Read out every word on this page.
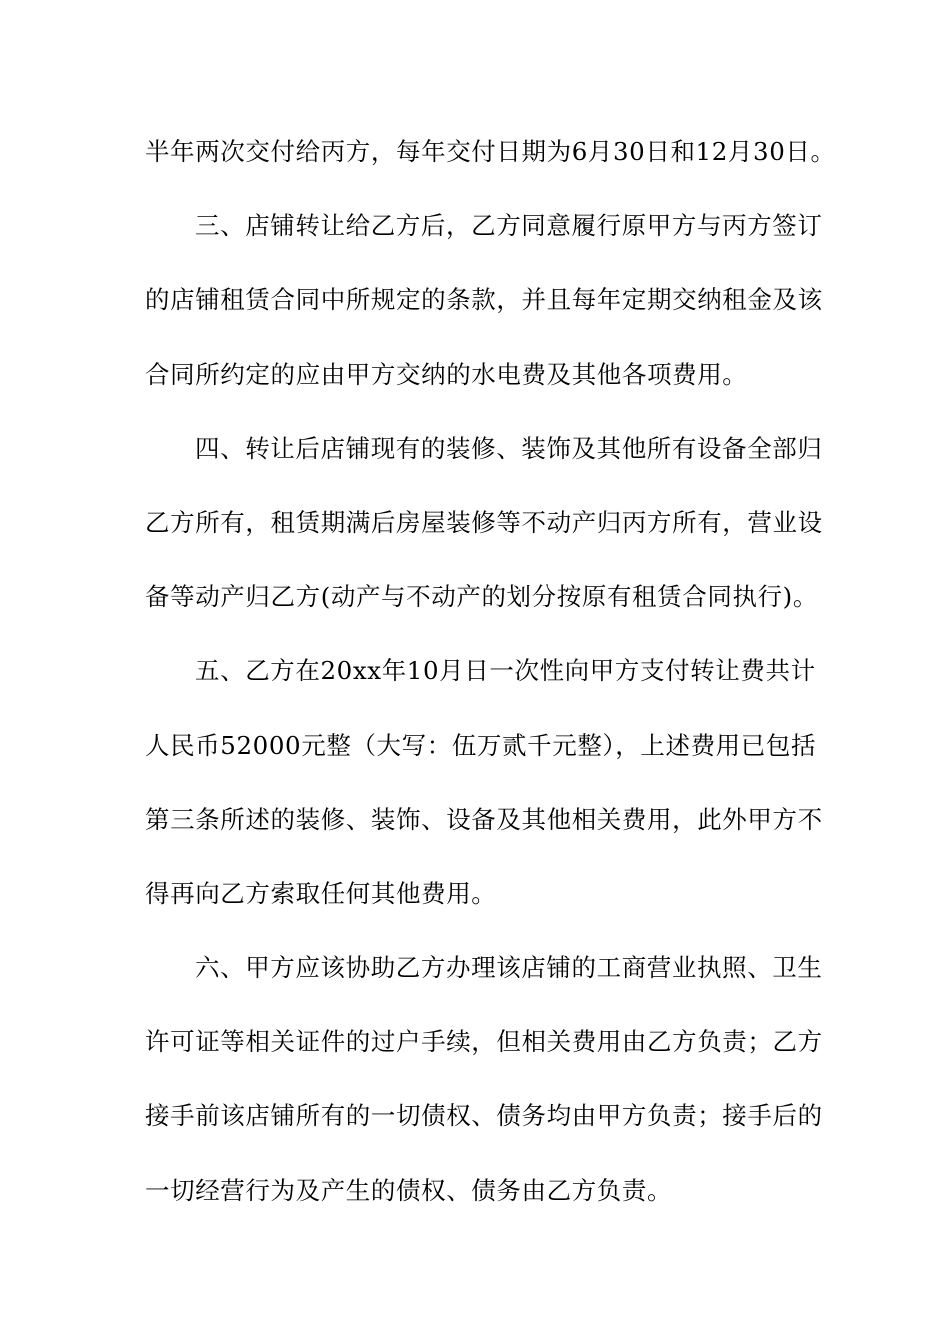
半年两次交付给丙方，每年交付日期为6月30日和12月30日。
三、店铺转让给乙方后，乙方同意履行原甲方与丙方签订
的店铺租赁合同中所规定的条款，并且每年定期交纳租金及该
合同所约定的应由甲方交纳的水电费及其他各项费用。
四、转让后店铺现有的装修、装饰及其他所有设备全部归
乙方所有，租赁期满后房屋装修等不动产归丙方所有，营业设
备等动产归乙方(动产与不动产的划分按原有租赁合同执行)。
五、乙方在20xx年10月日一次性向甲方支付转让费共计
人民币52000元整（大写：伍万贰千元整），上述费用已包括
第三条所述的装修、装饰、设备及其他相关费用，此外甲方不
得再向乙方索取任何其他费用。
六、甲方应该协助乙方办理该店铺的工商营业执照、卫生
许可证等相关证件的过户手续，但相关费用由乙方负责；乙方
接手前该店铺所有的一切债权、债务均由甲方负责；接手后的
一切经营行为及产生的债权、债务由乙方负责。
